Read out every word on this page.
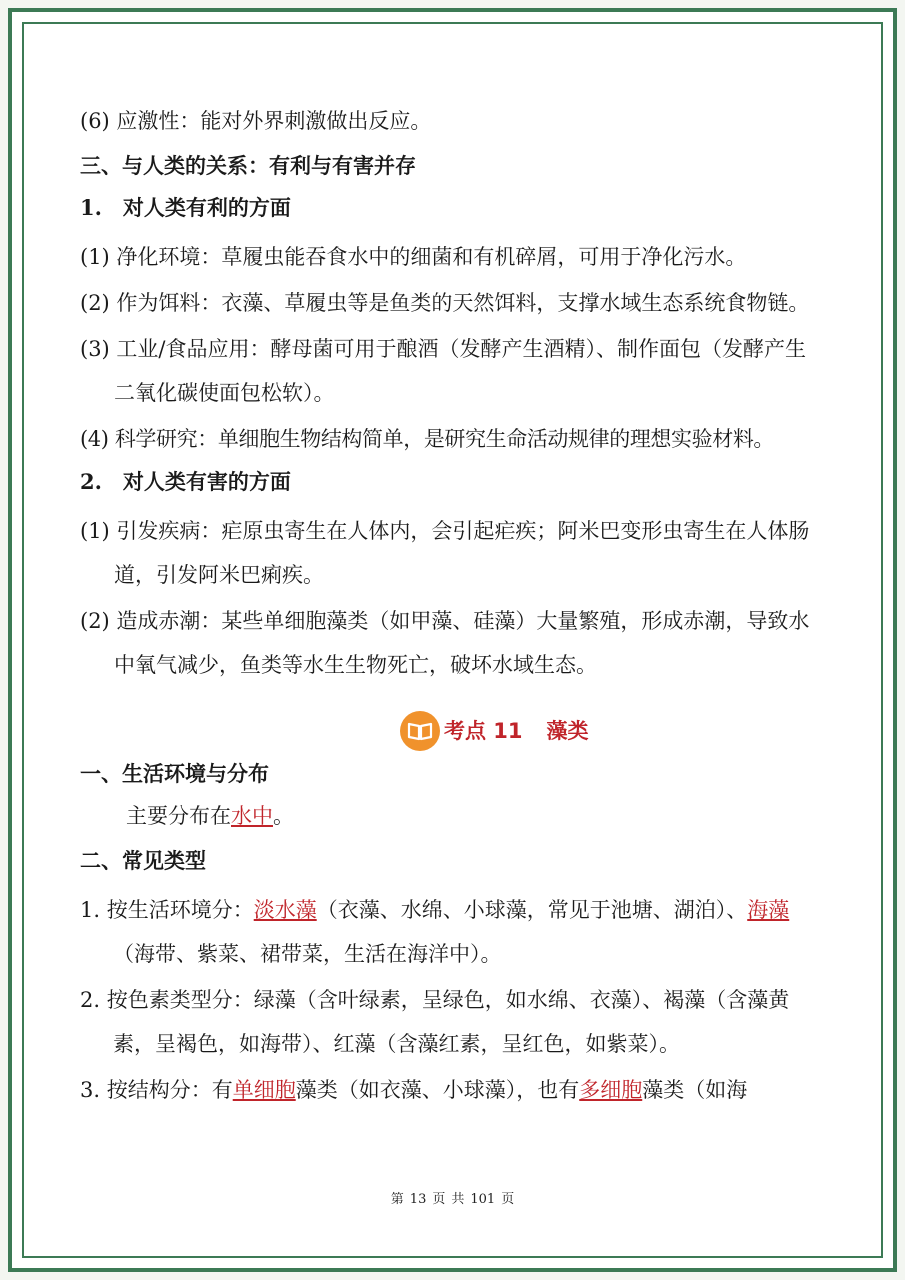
(6) 应激性：能对外界刺激做出反应。

三、与人类的关系：有利与有害并存

1.　对人类有利的方面

(1) 净化环境：草履虫能吞食水中的细菌和有机碎屑，可用于净化污水。

(2) 作为饵料：衣藻、草履虫等是鱼类的天然饵料，支撑水域生态系统食物链。

(3) 工业/食品应用：酵母菌可用于酿酒（发酵产生酒精）、制作面包（发酵产生二氧化碳使面包松软）。

(4) 科学研究：单细胞生物结构简单，是研究生命活动规律的理想实验材料。

2.　对人类有害的方面

(1) 引发疾病：疟原虫寄生在人体内，会引起疟疾；阿米巴变形虫寄生在人体肠道，引发阿米巴痢疾。

(2) 造成赤潮：某些单细胞藻类（如甲藻、硅藻）大量繁殖，形成赤潮，导致水中氧气减少，鱼类等水生生物死亡，破坏水域生态。

考点 11 藻类

一、生活环境与分布

主要分布在水中。

二、常见类型

1. 按生活环境分：淡水藻（衣藻、水绵、小球藻，常见于池塘、湖泊）、海藻（海带、紫菜、裙带菜，生活在海洋中）。

2. 按色素类型分：绿藻（含叶绿素，呈绿色，如水绵、衣藻）、褐藻（含藻黄素，呈褐色，如海带）、红藻（含藻红素，呈红色，如紫菜）。

3. 按结构分：有单细胞藻类（如衣藻、小球藻），也有多细胞藻类（如海

第 13 页 共 101 页
